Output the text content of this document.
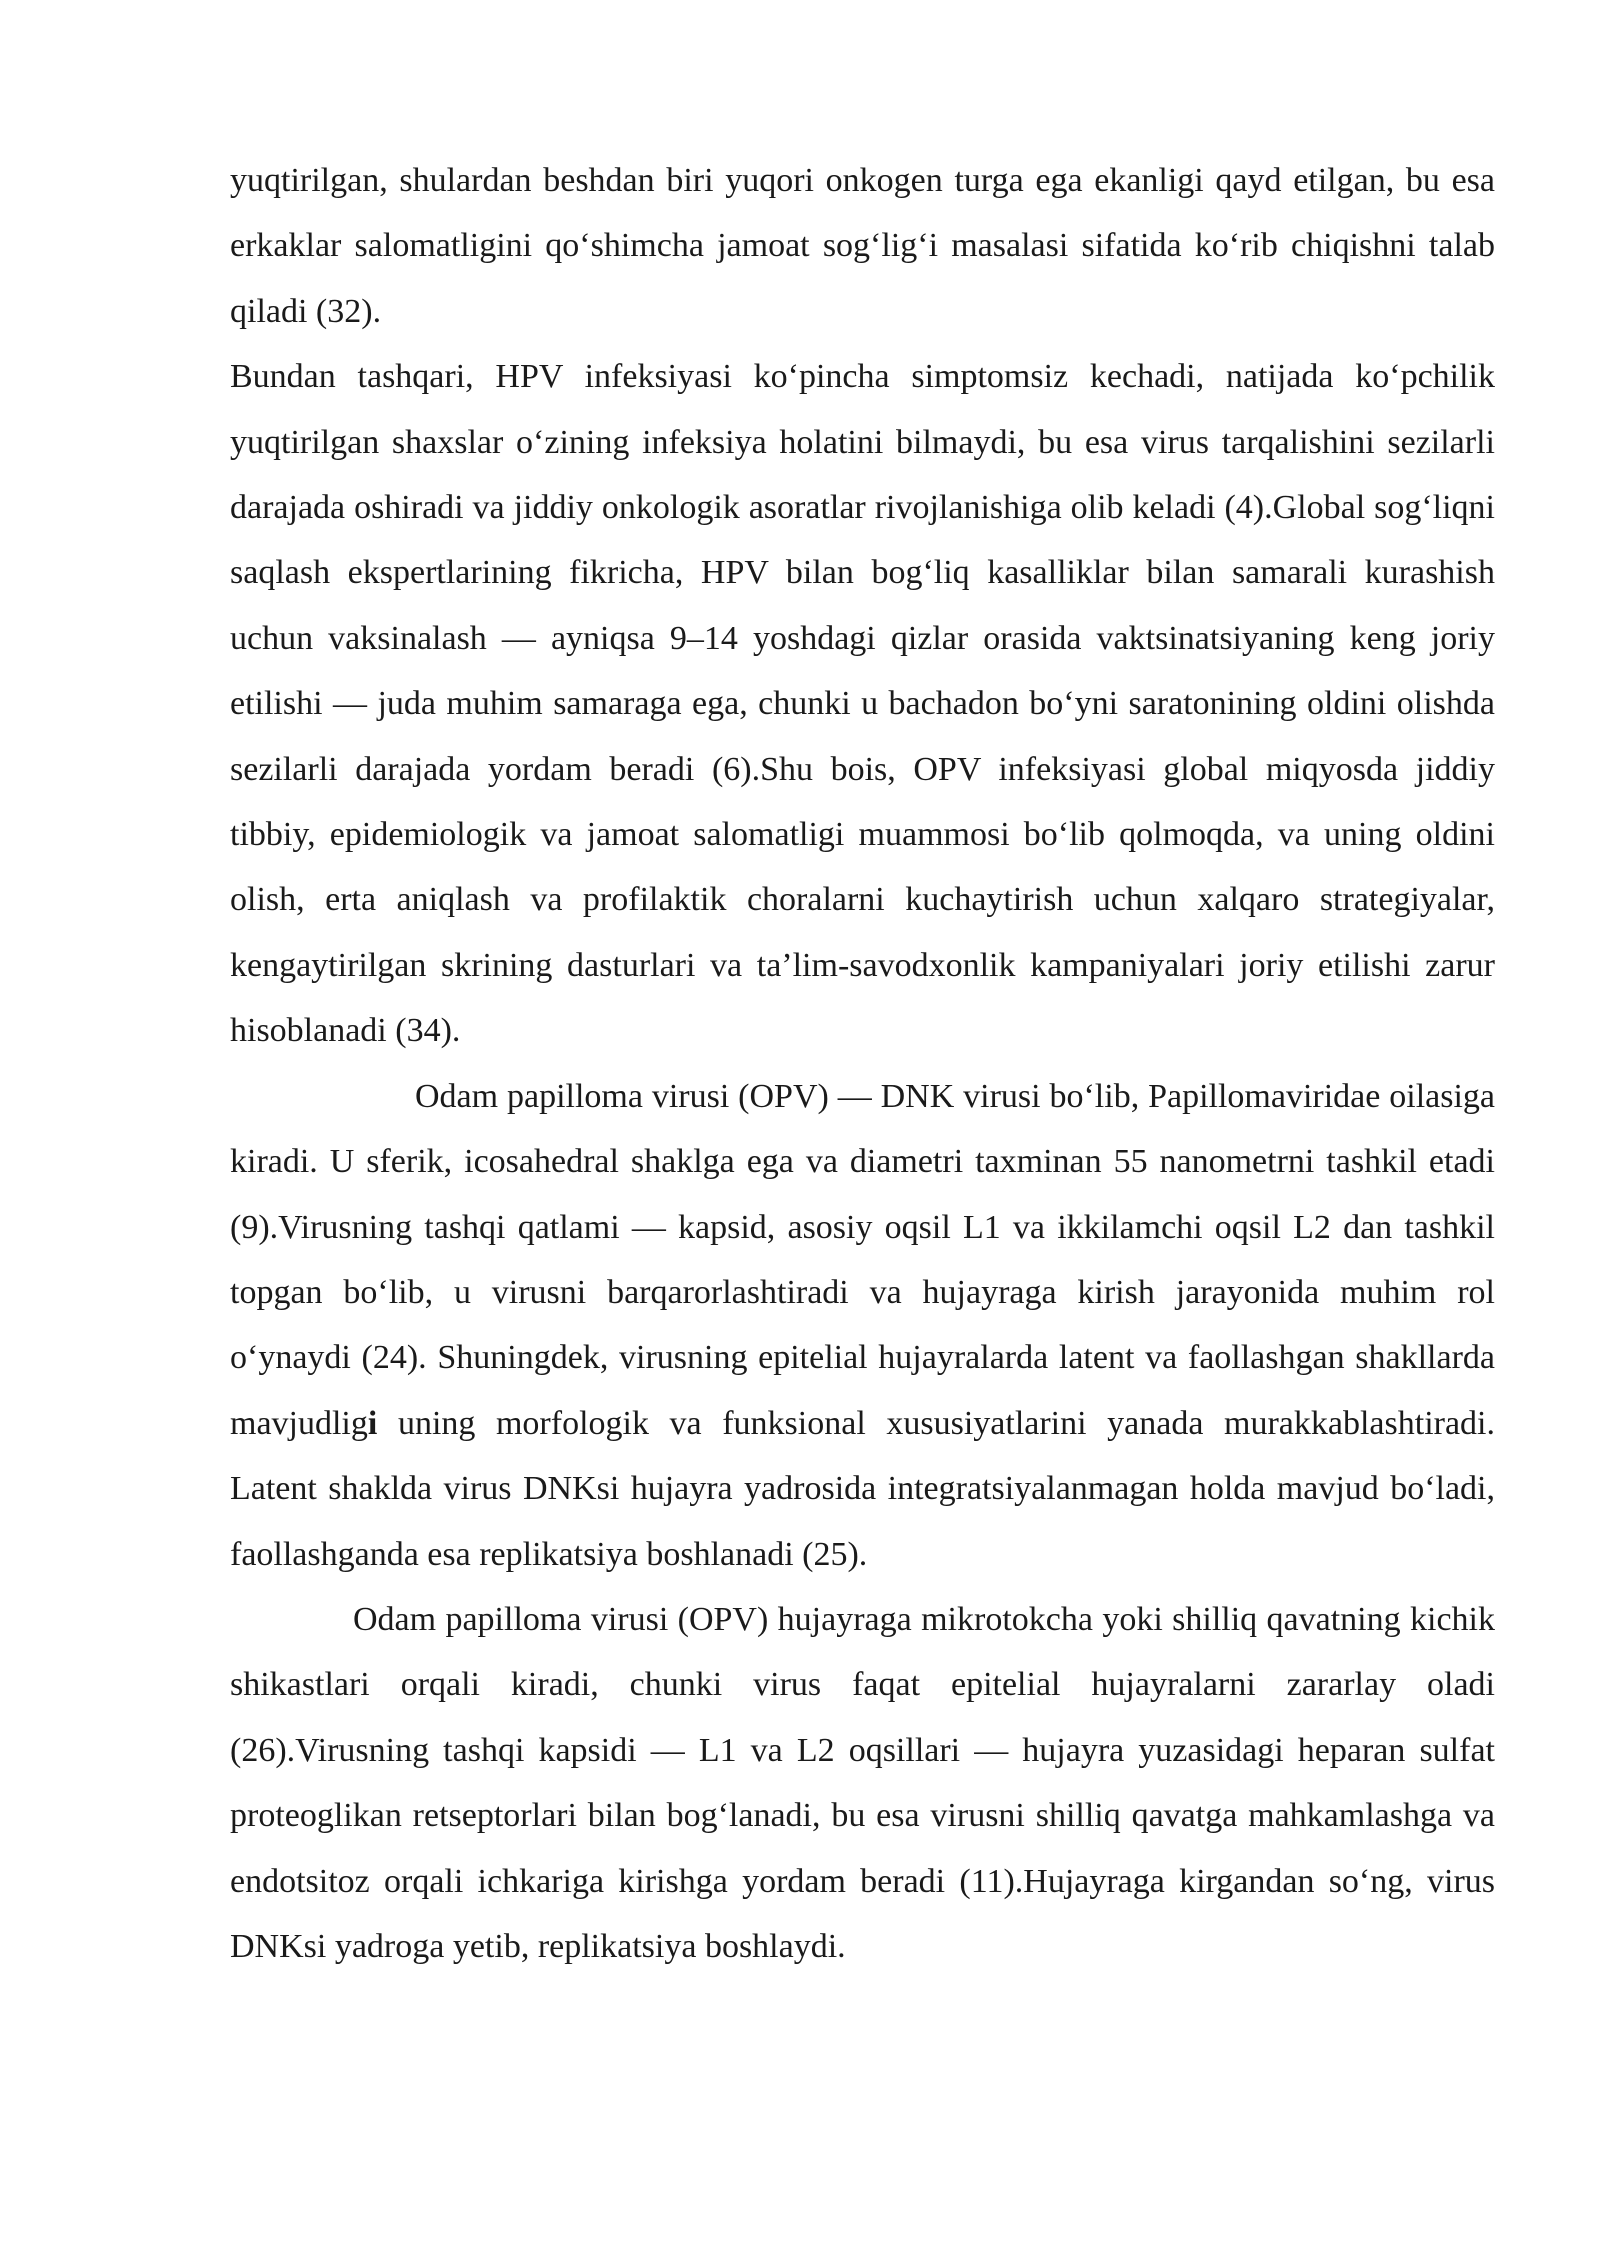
yuqtirilgan, shulardan beshdan biri yuqori onkogen turga ega ekanligi qayd etilgan, bu esa erkaklar salomatligini qo‘shimcha jamoat sog‘lig‘i masalasi sifatida ko‘rib chiqishni talab qiladi (32).

Bundan tashqari, HPV infeksiyasi ko‘pincha simptomsiz kechadi, natijada ko‘pchilik yuqtirilgan shaxslar o‘zining infeksiya holatini bilmaydi, bu esa virus tarqalishini sezilarli darajada oshiradi va jiddiy onkologik asoratlar rivojlanishiga olib keladi (4).Global sog‘liqni saqlash ekspertlarining fikricha, HPV bilan bog‘liq kasalliklar bilan samarali kurashish uchun vaksinalash — ayniqsa 9–14 yoshdagi qizlar orasida vaktsinatsiyaning keng joriy etilishi — juda muhim samaraga ega, chunki u bachadon bo‘yni saratonining oldini olishda sezilarli darajada yordam beradi (6).Shu bois, OPV infeksiyasi global miqyosda jiddiy tibbiy, epidemiologik va jamoat salomatligi muammosi bo‘lib qolmoqda, va uning oldini olish, erta aniqlash va profilaktik choralarni kuchaytirish uchun xalqaro strategiyalar, kengaytirilgan skrining dasturlari va ta’lim-savodxonlik kampaniyalari joriy etilishi zarur hisoblanadi (34).

Odam papilloma virusi (OPV) — DNK virusi bo‘lib, Papillomaviridae oilasiga kiradi. U sferik, icosahedral shaklga ega va diametri taxminan 55 nanometrni tashkil etadi (9).Virusning tashqi qatlami — kapsid, asosiy oqsil L1 va ikkilamchi oqsil L2 dan tashkil topgan bo‘lib, u virusni barqarorlashtiradi va hujayraga kirish jarayonida muhim rol o‘ynaydi (24). Shuningdek, virusning epitelial hujayralarda latent va faollashgan shakllarda mavjudligi uning morfologik va funksional xususiyatlarini yanada murakkablashtiradi. Latent shaklda virus DNKsi hujayra yadrosida integratsiyalanmagan holda mavjud bo‘ladi, faollashganda esa replikatsiya boshlanadi (25).

Odam papilloma virusi (OPV) hujayraga mikrotokcha yoki shilliq qavatning kichik shikastlari orqali kiradi, chunki virus faqat epitelial hujayralarni zararlay oladi (26).Virusning tashqi kapsidi — L1 va L2 oqsillari — hujayra yuzasidagi heparan sulfat proteoglikan retseptorlari bilan bog‘lanadi, bu esa virusni shilliq qavatga mahkamlashga va endotsitoz orqali ichkariga kirishga yordam beradi (11).Hujayraga kirgandan so‘ng, virus DNKsi yadroga yetib, replikatsiya boshlaydi.
